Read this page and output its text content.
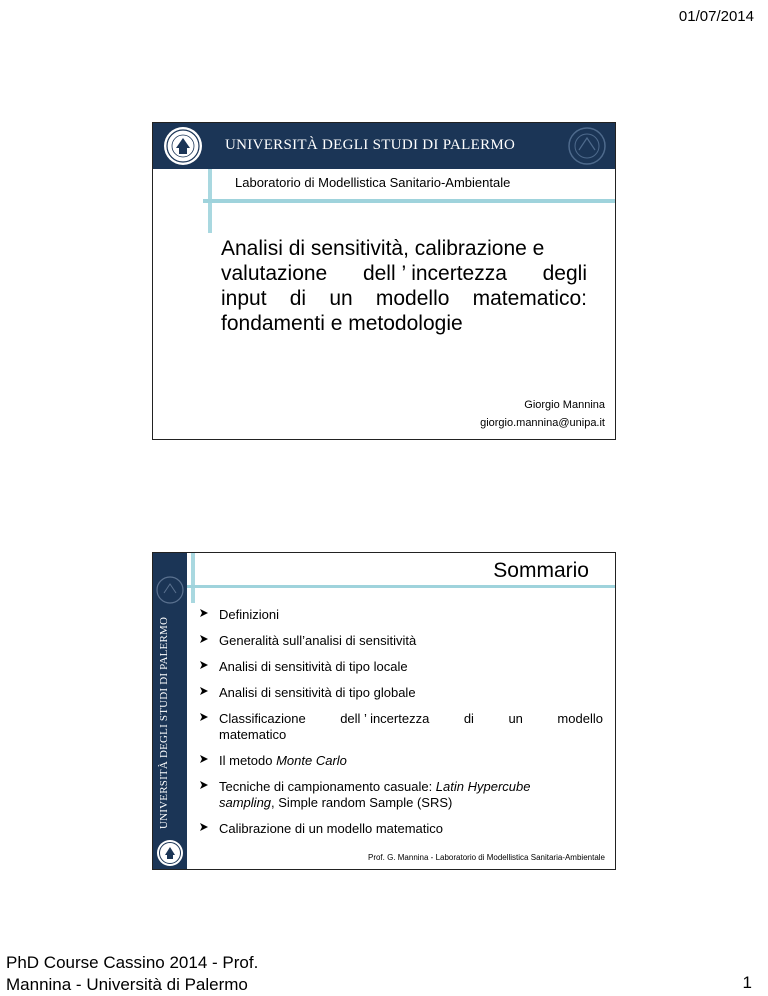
01/07/2014
UNIVERSITÀ DEGLI STUDI DI PALERMO
Laboratorio di Modellistica Sanitario-Ambientale
Analisi di sensitività, calibrazione e
valutazione dell ’ incertezza degli
input di un modello matematico:
fondamenti e metodologie
Giorgio Mannina
giorgio.mannina@unipa.it
UNIVERSITÀ DEGLI STUDI DI PALERMO
Sommario
Definizioni
Generalità sull’analisi di sensitività
Analisi di sensitività di tipo locale
Analisi di sensitività di tipo globale
Classificazione	dell ’ incertezza	di	un	modello
matematico
Il metodo Monte Carlo
Tecniche di campionamento casuale: Latin Hypercube
sampling, Simple random Sample (SRS)
Calibrazione di un modello matematico
Prof. G. Mannina - Laboratorio di Modellistica Sanitaria-Ambientale
PhD Course Cassino 2014 - Prof.
Mannina - Università di Palermo	1
